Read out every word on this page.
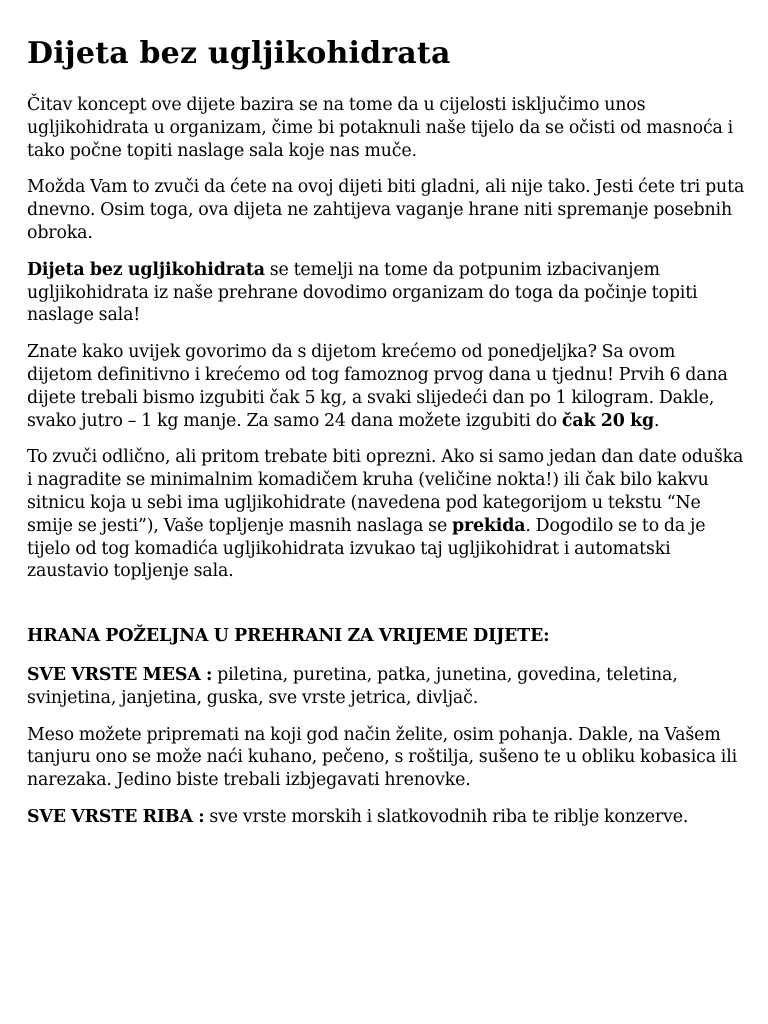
Dijeta bez ugljikohidrata

Čitav koncept ove dijete bazira se na tome da u cijelosti isključimo unos ugljikohidrata u organizam, čime bi potaknuli naše tijelo da se očisti od masnoća i tako počne topiti naslage sala koje nas muče.

Možda Vam to zvuči da ćete na ovoj dijeti biti gladni, ali nije tako. Jesti ćete tri puta dnevno. Osim toga, ova dijeta ne zahtijeva vaganje hrane niti spremanje posebnih obroka.

Dijeta bez ugljikohidrata se temelji na tome da potpunim izbacivanjem ugljikohidrata iz naše prehrane dovodimo organizam do toga da počinje topiti naslage sala!

Znate kako uvijek govorimo da s dijetom krećemo od ponedjeljka? Sa ovom dijetom definitivno i krećemo od tog famoznog prvog dana u tjednu! Prvih 6 dana dijete trebali bismo izgubiti čak 5 kg, a svaki slijedeći dan po 1 kilogram. Dakle, svako jutro – 1 kg manje. Za samo 24 dana možete izgubiti do čak 20 kg.

To zvuči odlično, ali pritom trebate biti oprezni. Ako si samo jedan dan date oduška i nagradite se minimalnim komadičem kruha (veličine nokta!) ili čak bilo kakvu sitnicu koja u sebi ima ugljikohidrate (navedena pod kategorijom u tekstu “Ne smije se jesti”), Vaše topljenje masnih naslaga se prekida. Dogodilo se to da je tijelo od tog komadića ugljikohidrata izvukao taj ugljikohidrat i automatski zaustavio topljenje sala.

HRANA POŽELJNA U PREHRANI ZA VRIJEME DIJETE:

SVE VRSTE MESA : piletina, puretina, patka, junetina, govedina, teletina, svinjetina, janjetina, guska, sve vrste jetrica, divljač.

Meso možete pripremati na koji god način želite, osim pohanja. Dakle, na Vašem tanjuru ono se može naći kuhano, pečeno, s roštilja, sušeno te u obliku kobasica ili narezaka. Jedino biste trebali izbjegavati hrenovke.

SVE VRSTE RIBA : sve vrste morskih i slatkovodnih riba te riblje konzerve.
